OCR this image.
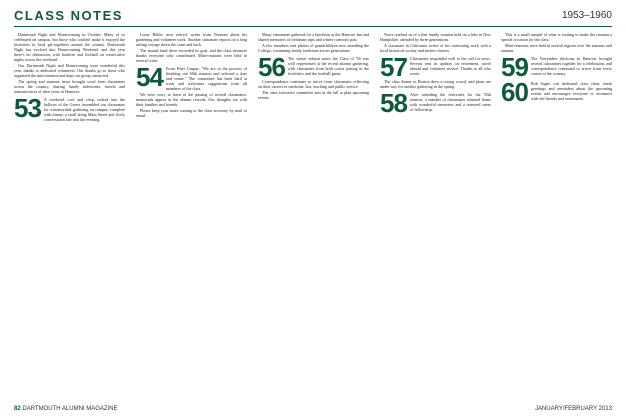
CLASS NOTES	1953–1960

Dartmouth Night and Homecoming in October. Many of us celebrated on campus, but those who couldn't make it enjoyed the festivities in local get-togethers around the country. Dartmouth Night has evolved into Homecoming Weekend, and this year there's no distinction, with bonfires and football on consecutive nights across the weekend.

Our Dartmouth Night and Homecoming were wonderful this year, thanks to dedicated volunteers. Our thanks go to those who organized the mini-reunion and kept our group connected.

The spring and summer news brought word from classmates across the country, sharing family milestones, travels and reminiscences of their years in Hanover.

53 A weekend, cool and crisp, tucked into the hollows of the Green, assembled our classmates for a memorable gathering on campus, complete with dinner, a stroll along Main Street and lively conversation late into the evening.

Lucas Heller, now retired, writes from Vermont about his gardening and volunteer work. Another classmate reports on a long sailing voyage down the coast and back.

The annual fund drive exceeded its goal, and the class treasurer thanks everyone who contributed. Mini-reunions were held in several cities.

54 From Peter Gaspar: "We are in the process of finishing our 60th reunion and selected a date and venue." The committee has been hard at work and welcomes suggestions from all members of the class.

We were sorry to learn of the passing of several classmates; memorials appear in the alumni records. Our thoughts are with their families and friends.

Please keep your notes coming to the class secretary by mail or email.

Many classmates gathered for a luncheon at the Hanover Inn and shared memories of freshman trips and winter carnivals past.

A few members sent photos of grandchildren now attending the College, continuing family traditions across generations.

56 The winter edition notes the Class of '56 was well represented at the recent alumni gathering, with classmates from both coasts joining in the festivities and the football game.

Correspondence continues to arrive from classmates reflecting on their careers in medicine, law, teaching and public service.

The class executive committee met in the fall to plan upcoming events.

News reached us of a fine family reunion held on a lake in New Hampshire, attended by three generations.

A classmate in California writes of his continuing work with a local historical society and invites visitors.

57 Classmates responded well to the call for news. Several sent in updates on retirement, travel abroad and volunteer service. Thanks to all who wrote.

The class dinner in Boston drew a strong crowd, and plans are under way for another gathering in the spring.

58 After attending the festivities for the 55th reunion, a number of classmates returned home with wonderful memories and a renewed sense of fellowship.

This is a small sample of what is waiting to make the reunion a special occasion for the class.

Mini-reunions were held in several regions over the summer and autumn.

59 The November elections in Hanover brought several classmates together for a celebration, and correspondence continued to arrive from every corner of the country.
60 Bob Sager, our dedicated class chair, sends greetings and reminders about the upcoming events and encourages everyone to reconnect with old friends and roommates.
82 DARTMOUTH ALUMNI MAGAZINE	JANUARY/FEBRUARY 2013
